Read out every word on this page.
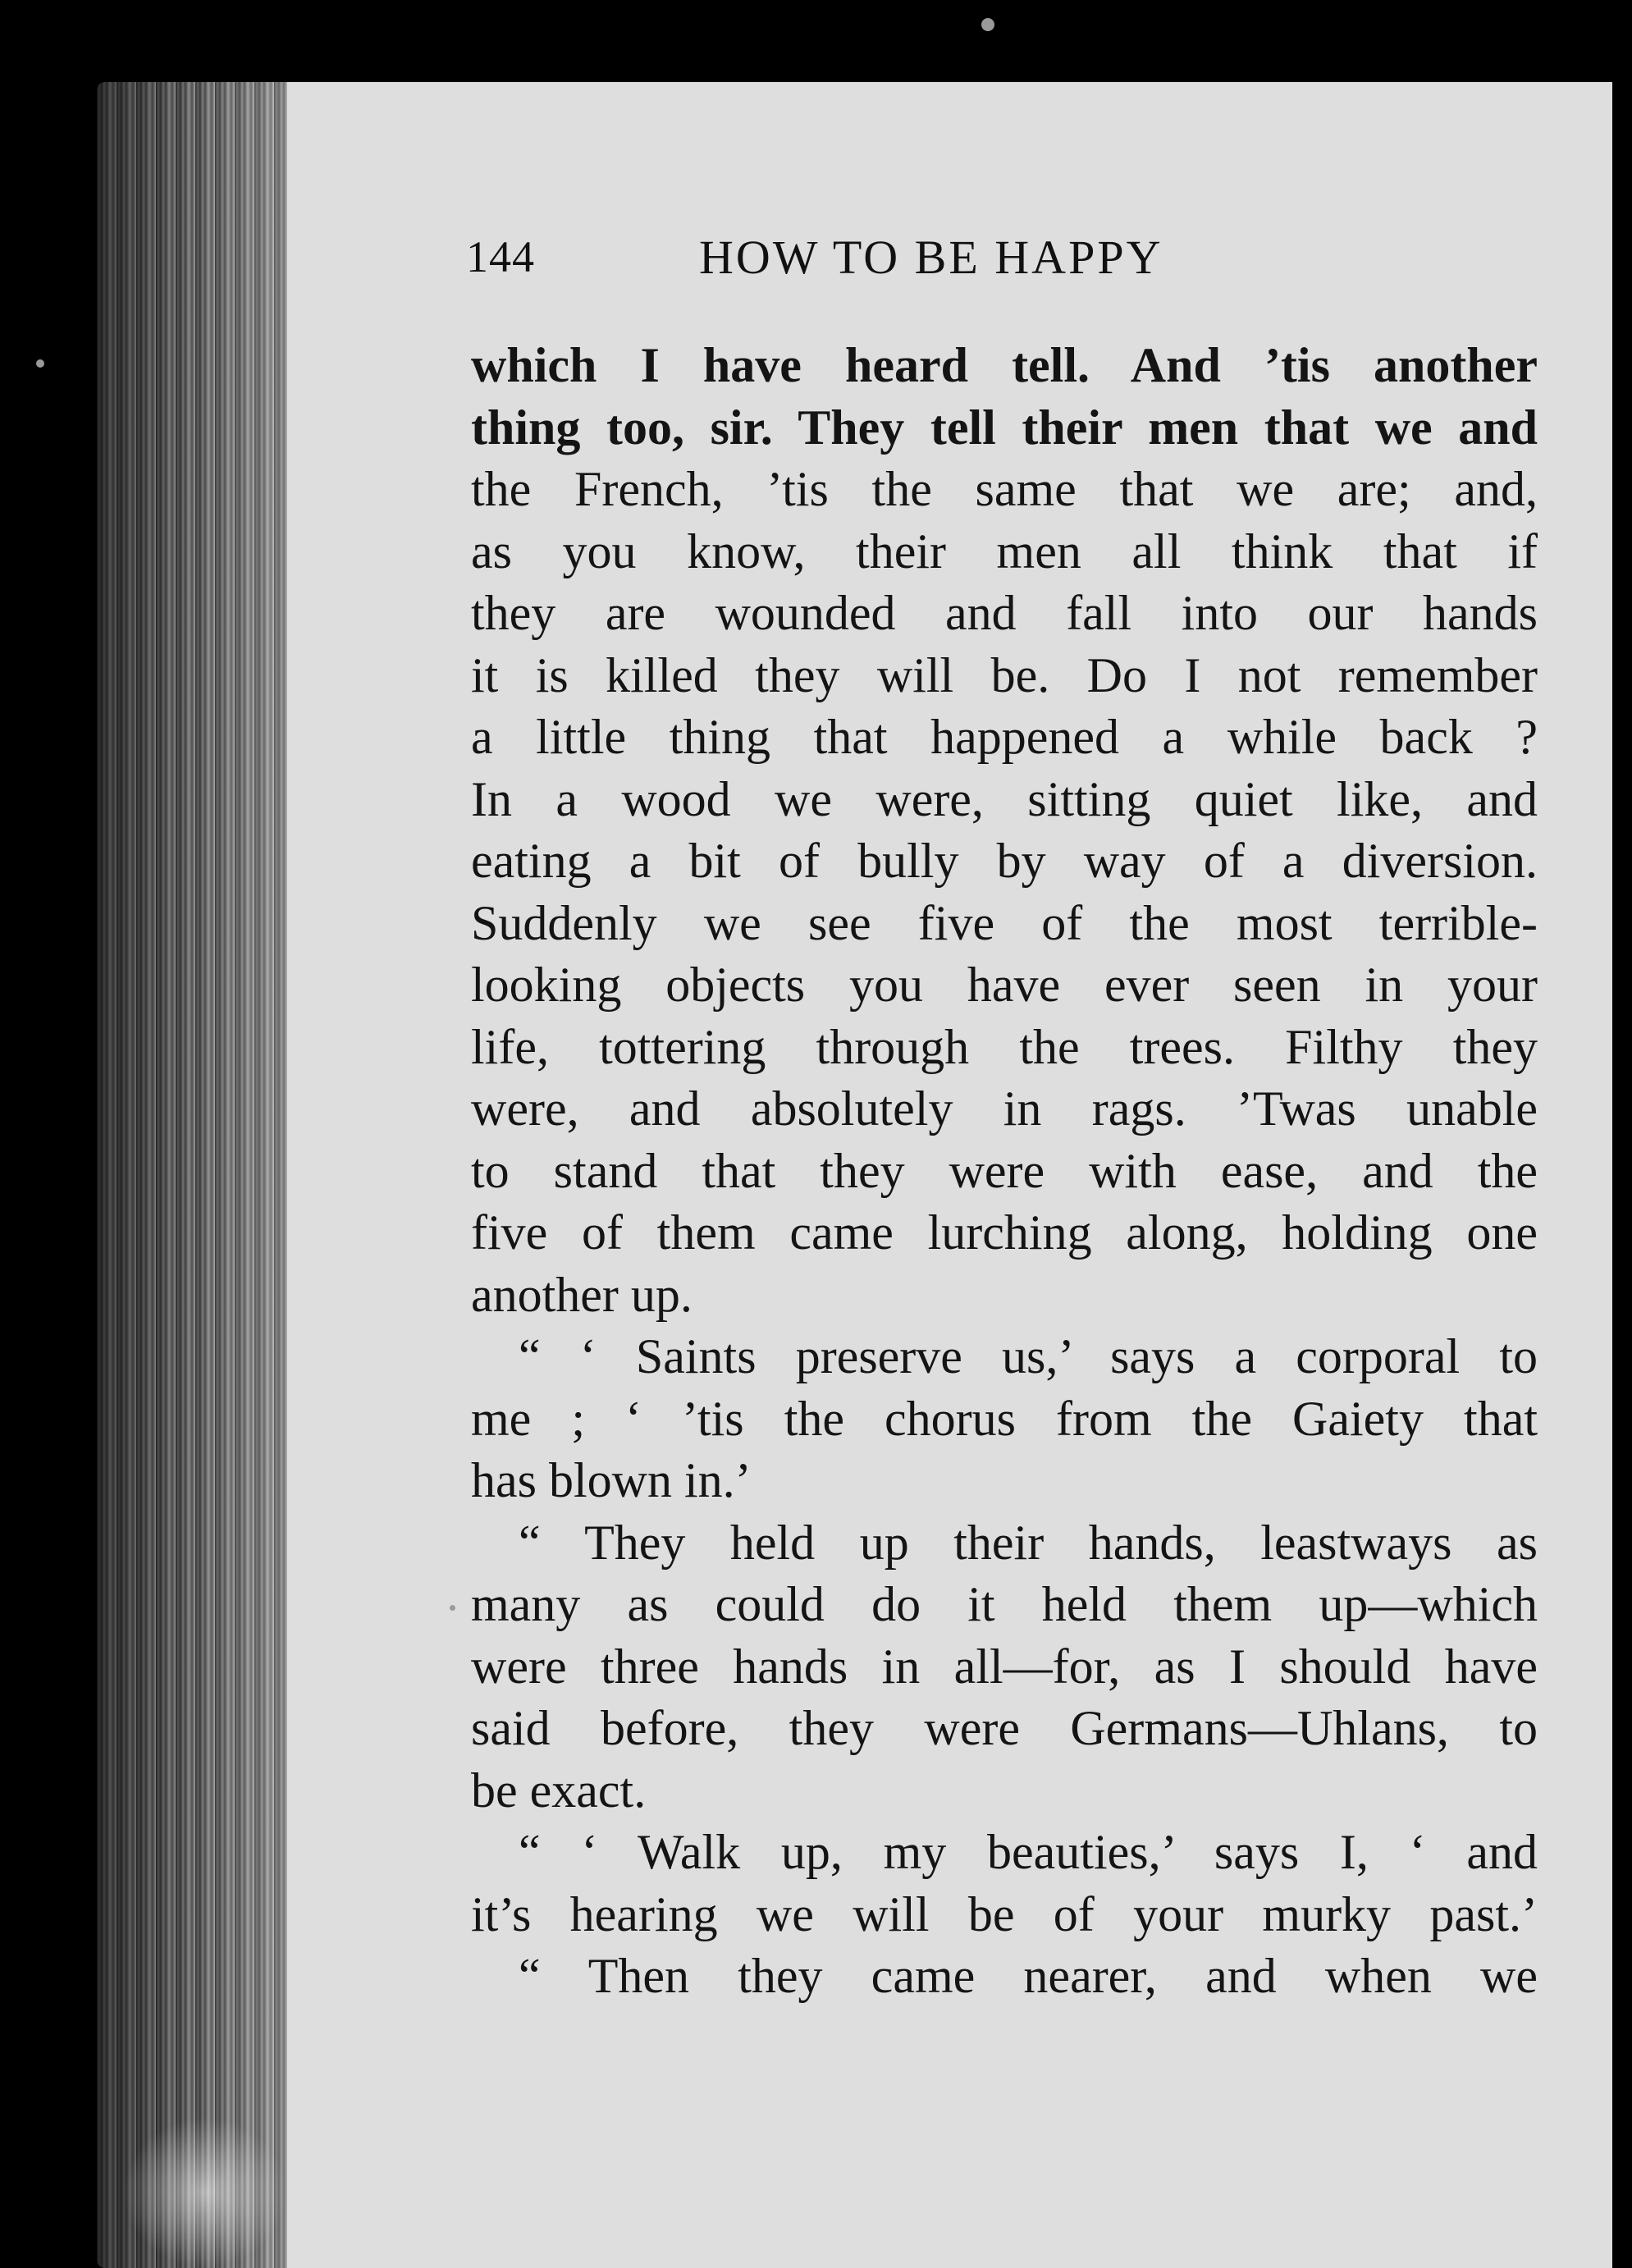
144	HOW TO BE HAPPY
which I have heard tell. And ’tis another
thing too, sir. They tell their men that we and
the French, ’tis the same that we are; and,
as you know, their men all think that if
they are wounded and fall into our hands
it is killed they will be. Do I not remember
a little thing that happened a while back ?
In a wood we were, sitting quiet like, and
eating a bit of bully by way of a diversion.
Suddenly we see five of the most terrible-
looking objects you have ever seen in your
life, tottering through the trees. Filthy they
were, and absolutely in rags. ’Twas unable
to stand that they were with ease, and the
five of them came lurching along, holding one
another up.
“ ‘ Saints preserve us,’ says a corporal to
me ; ‘ ’tis the chorus from the Gaiety that
has blown in.’
“ They held up their hands, leastways as
many as could do it held them up—which
were three hands in all—for, as I should have
said before, they were Germans—Uhlans, to
be exact.
“ ‘ Walk up, my beauties,’ says I, ‘ and
it’s hearing we will be of your murky past.’
“ Then they came nearer, and when we
